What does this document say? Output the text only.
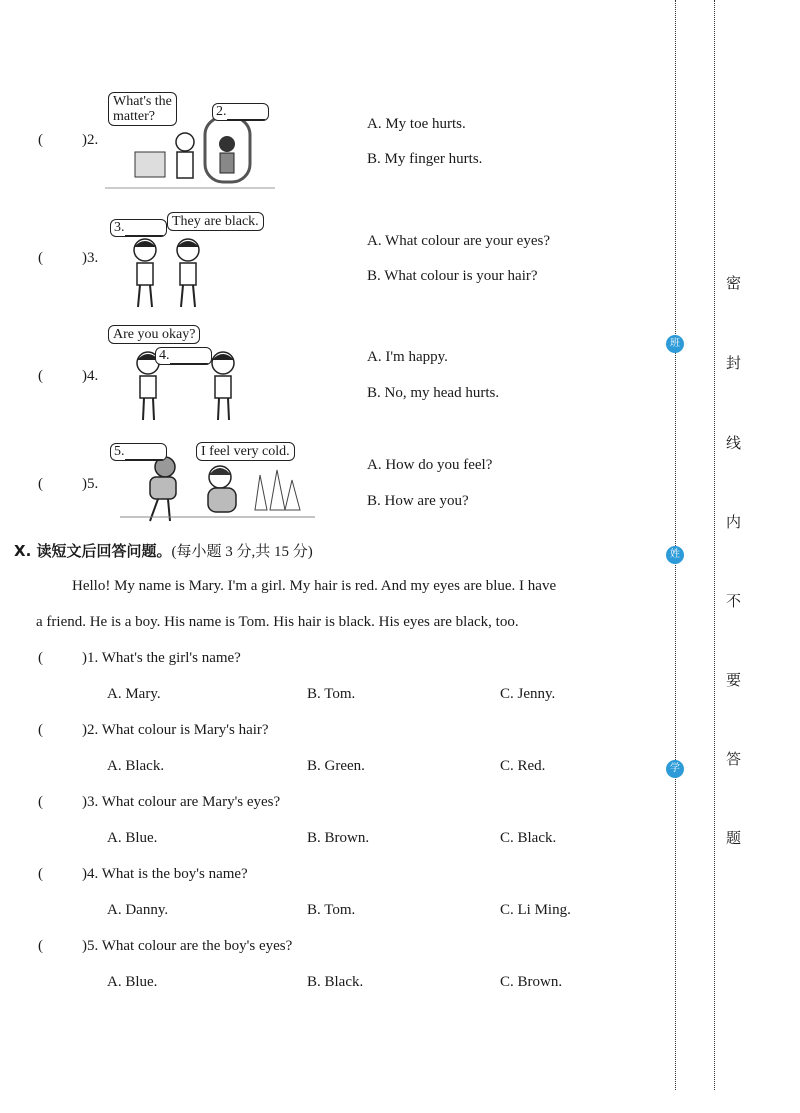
班
姓
学
密
封
线
内
不
要
答
题
(	)2.
What's the
matter?	2.
A. My toe hurts.
B. My finger hurts.
(	)3.
3.	They are black.
A. What colour are your eyes?
B. What colour is your hair?
(	)4.
Are you okay?
4.	A. I'm happy.
B. No, my head hurts.
(	)5.
5.	I feel very cold.
A. How do you feel?
B. How are you?
X. 读短文后回答问题。(每小题 3 分,共 15 分)
Hello! My name is Mary. I'm a girl. My hair is red. And my eyes are blue. I have
a friend. He is a boy. His name is Tom. His hair is black. His eyes are black, too.
(	)1. What's the girl's name?
A. Mary.	B. Tom.	C. Jenny.
(	)2. What colour is Mary's hair?
A. Black.	B. Green.	C. Red.
(	)3. What colour are Mary's eyes?
A. Blue.	B. Brown.	C. Black.
(	)4. What is the boy's name?
A. Danny.	B. Tom.	C. Li Ming.
(	)5. What colour are the boy's eyes?
A. Blue.	B. Black.	C. Brown.
